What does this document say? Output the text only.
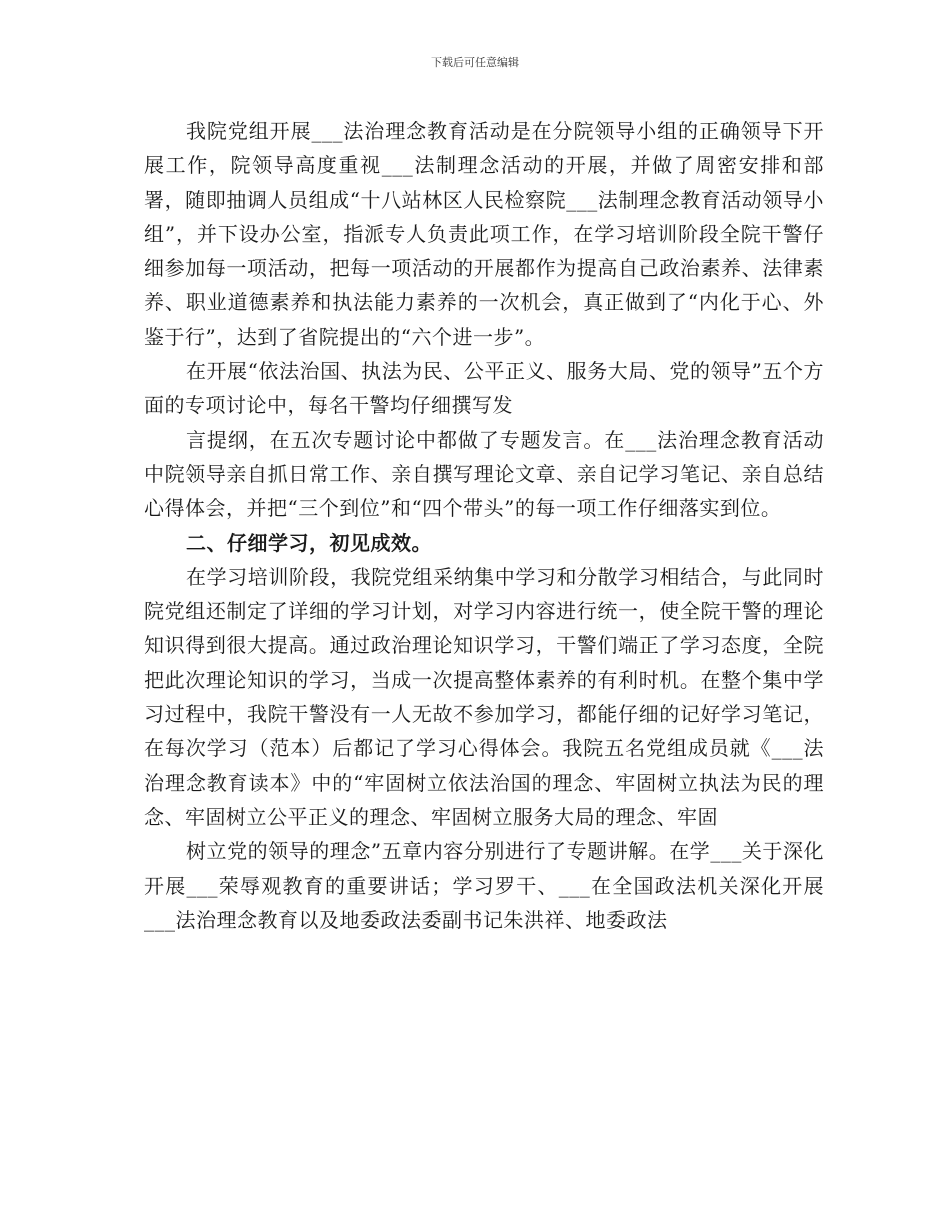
下载后可任意编辑

我院党组开展___法治理念教育活动是在分院领导小组的正确领导下开展工作，院领导高度重视___法制理念活动的开展，并做了周密安排和部署，随即抽调人员组成“十八站林区人民检察院___法制理念教育活动领导小组”，并下设办公室，指派专人负责此项工作，在学习培训阶段全院干警仔细参加每一项活动，把每一项活动的开展都作为提高自己政治素养、法律素养、职业道德素养和执法能力素养的一次机会，真正做到了“内化于心、外鉴于行”，达到了省院提出的“六个进一步”。

在开展“依法治国、执法为民、公平正义、服务大局、党的领导”五个方面的专项讨论中，每名干警均仔细撰写发

言提纲，在五次专题讨论中都做了专题发言。在___法治理念教育活动中院领导亲自抓日常工作、亲自撰写理论文章、亲自记学习笔记、亲自总结心得体会，并把“三个到位”和“四个带头”的每一项工作仔细落实到位。

二、仔细学习，初见成效。

在学习培训阶段，我院党组采纳集中学习和分散学习相结合，与此同时院党组还制定了详细的学习计划，对学习内容进行统一，使全院干警的理论知识得到很大提高。通过政治理论知识学习，干警们端正了学习态度，全院把此次理论知识的学习，当成一次提高整体素养的有利时机。在整个集中学习过程中，我院干警没有一人无故不参加学习，都能仔细的记好学习笔记，在每次学习（范本）后都记了学习心得体会。我院五名党组成员就《___法治理念教育读本》中的“牢固树立依法治国的理念、牢固树立执法为民的理念、牢固树立公平正义的理念、牢固树立服务大局的理念、牢固

树立党的领导的理念”五章内容分别进行了专题讲解。在学___关于深化开展___荣辱观教育的重要讲话；学习罗干、___在全国政法机关深化开展___法治理念教育以及地委政法委副书记朱洪祥、地委政法
